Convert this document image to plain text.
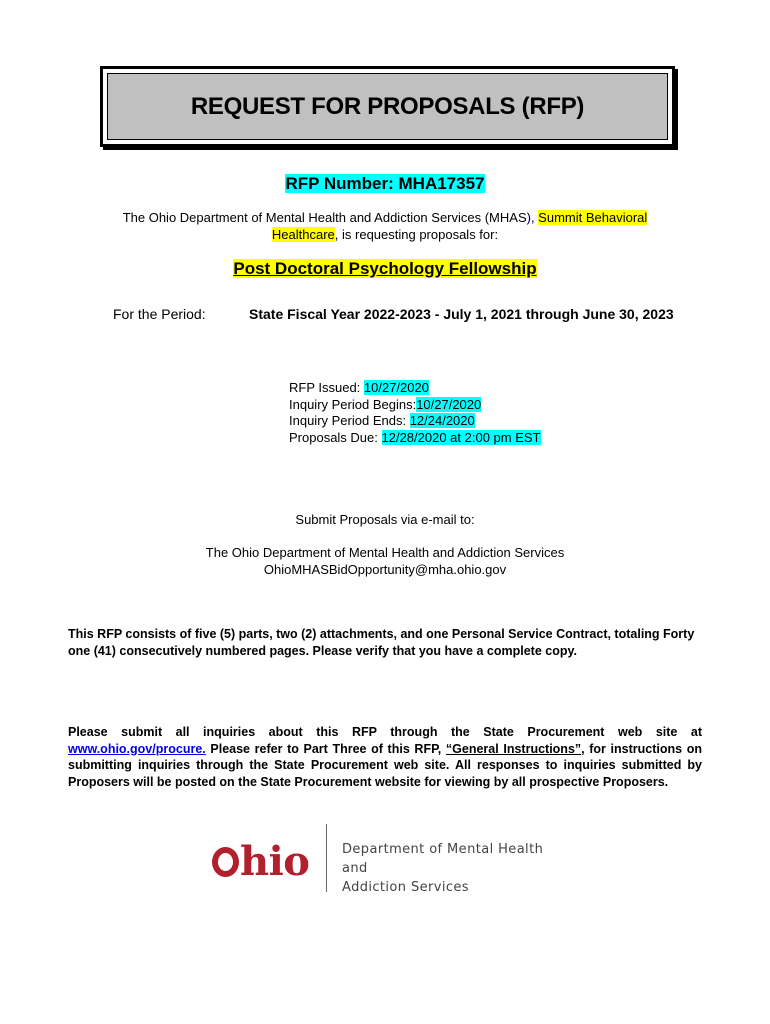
REQUEST FOR PROPOSALS (RFP)
RFP Number: MHA17357
The Ohio Department of Mental Health and Addiction Services (MHAS), Summit Behavioral
Healthcare, is requesting proposals for:
Post Doctoral Psychology Fellowship
For the Period:	State Fiscal Year 2022-2023 - July 1, 2021 through June 30, 2023
RFP Issued: 10/27/2020
Inquiry Period Begins:10/27/2020
Inquiry Period Ends: 12/24/2020
Proposals Due: 12/28/2020 at 2:00 pm EST
Submit Proposals via e-mail to:
The Ohio Department of Mental Health and Addiction Services
OhioMHASBidOpportunity@mha.ohio.gov
This RFP consists of five (5) parts, two (2) attachments, and one Personal Service Contract, totaling Forty one (41) consecutively numbered pages. Please verify that you have a complete copy.
Please submit all inquiries about this RFP through the State Procurement web site at www.ohio.gov/procure. Please refer to Part Three of this RFP, “General Instructions”, for instructions on submitting inquiries through the State Procurement web site. All responses to inquiries submitted by Proposers will be posted on the State Procurement website for viewing by all prospective Proposers.
hio	Department of Mental Health and
Addiction Services
